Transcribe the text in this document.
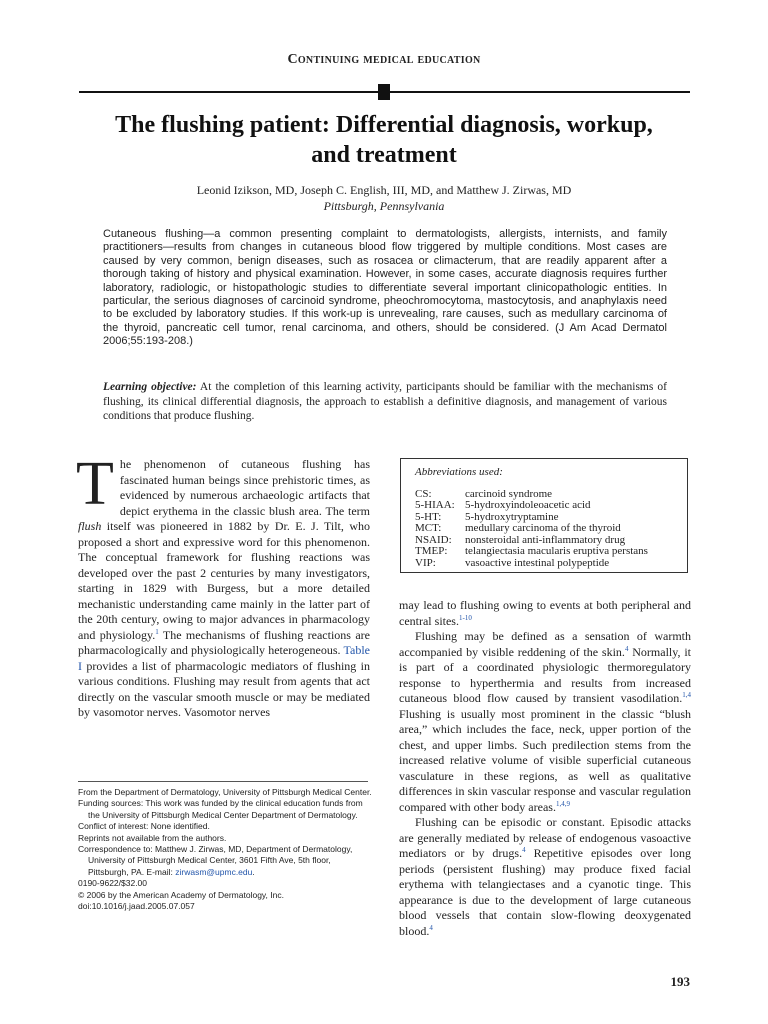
Continuing medical education
The flushing patient: Differential diagnosis, workup, and treatment
Leonid Izikson, MD, Joseph C. English, III, MD, and Matthew J. Zirwas, MD
Pittsburgh, Pennsylvania

Cutaneous flushing—a common presenting complaint to dermatologists, allergists, internists, and family practitioners—results from changes in cutaneous blood flow triggered by multiple conditions. Most cases are caused by very common, benign diseases, such as rosacea or climacterum, that are readily apparent after a thorough taking of history and physical examination. However, in some cases, accurate diagnosis requires further laboratory, radiologic, or histopathologic studies to differentiate several important clinicopathologic entities. In particular, the serious diagnoses of carcinoid syndrome, pheochromocytoma, mastocytosis, and anaphylaxis need to be excluded by laboratory studies. If this work-up is unrevealing, rare causes, such as medullary carcinoma of the thyroid, pancreatic cell tumor, renal carcinoma, and others, should be considered. (J Am Acad Dermatol 2006;55:193-208.)

Learning objective: At the completion of this learning activity, participants should be familiar with the mechanisms of flushing, its clinical differential diagnosis, the approach to establish a definitive diagnosis, and management of various conditions that produce flushing.

The phenomenon of cutaneous flushing has fascinated human beings since prehistoric times, as evidenced by numerous archaeologic artifacts that depict erythema in the classic blush area. The term flush itself was pioneered in 1882 by Dr. E. J. Tilt, who proposed a short and expressive word for this phenomenon. The conceptual framework for flushing reactions was developed over the past 2 centuries by many investigators, starting in 1829 with Burgess, but a more detailed mechanistic understanding came mainly in the latter part of the 20th century, owing to major advances in pharmacology and physiology.$^1$ The mechanisms of flushing reactions are pharmacologically and physiologically heterogeneous. Table I provides a list of pharmacologic mediators of flushing in various conditions. Flushing may result from agents that act directly on the vascular smooth muscle or may be mediated by vasomotor nerves. Vasomotor nerves

Abbreviations used:
CS:	carcinoid syndrome
5-HIAA: 5-hydroxyindoleoacetic acid
5-HT:	5-hydroxytryptamine
MCT:	medullary carcinoma of the thyroid
NSAID:	nonsteroidal anti-inflammatory drug
TMEP:	telangiectasia macularis eruptiva perstans
VIP:	vasoactive intestinal polypeptide

may lead to flushing owing to events at both peripheral and central sites.$^{1-10}$

Flushing may be defined as a sensation of warmth accompanied by visible reddening of the skin.$^4$ Normally, it is part of a coordinated physiologic thermoregulatory response to hyperthermia and results from increased cutaneous blood flow caused by transient vasodilation.$^{1,4}$ Flushing is usually most prominent in the classic “blush area,” which includes the face, neck, upper portion of the chest, and upper limbs. Such predilection stems from the increased relative volume of visible superficial cutaneous vasculature in these regions, as well as qualitative differences in skin vascular response and vascular regulation compared with other body areas.$^{1,4,9}$

Flushing can be episodic or constant. Episodic attacks are generally mediated by release of endogenous vasoactive mediators or by drugs.$^4$ Repetitive episodes over long periods (persistent flushing) may produce fixed facial erythema with telangiectases and a cyanotic tinge. This appearance is due to the development of large cutaneous blood vessels that contain slow-flowing deoxygenated blood.$^4$

From the Department of Dermatology, University of Pittsburgh Medical Center.
Funding sources: This work was funded by the clinical education funds from the University of Pittsburgh Medical Center Department of Dermatology.
Conflict of interest: None identified.
Reprints not available from the authors.
Correspondence to: Matthew J. Zirwas, MD, Department of Dermatology, University of Pittsburgh Medical Center, 3601 Fifth Ave, 5th floor, Pittsburgh, PA. E-mail: zirwasm@upmc.edu.
0190-9622/$32.00
© 2006 by the American Academy of Dermatology, Inc.
doi:10.1016/j.jaad.2005.07.057
193
